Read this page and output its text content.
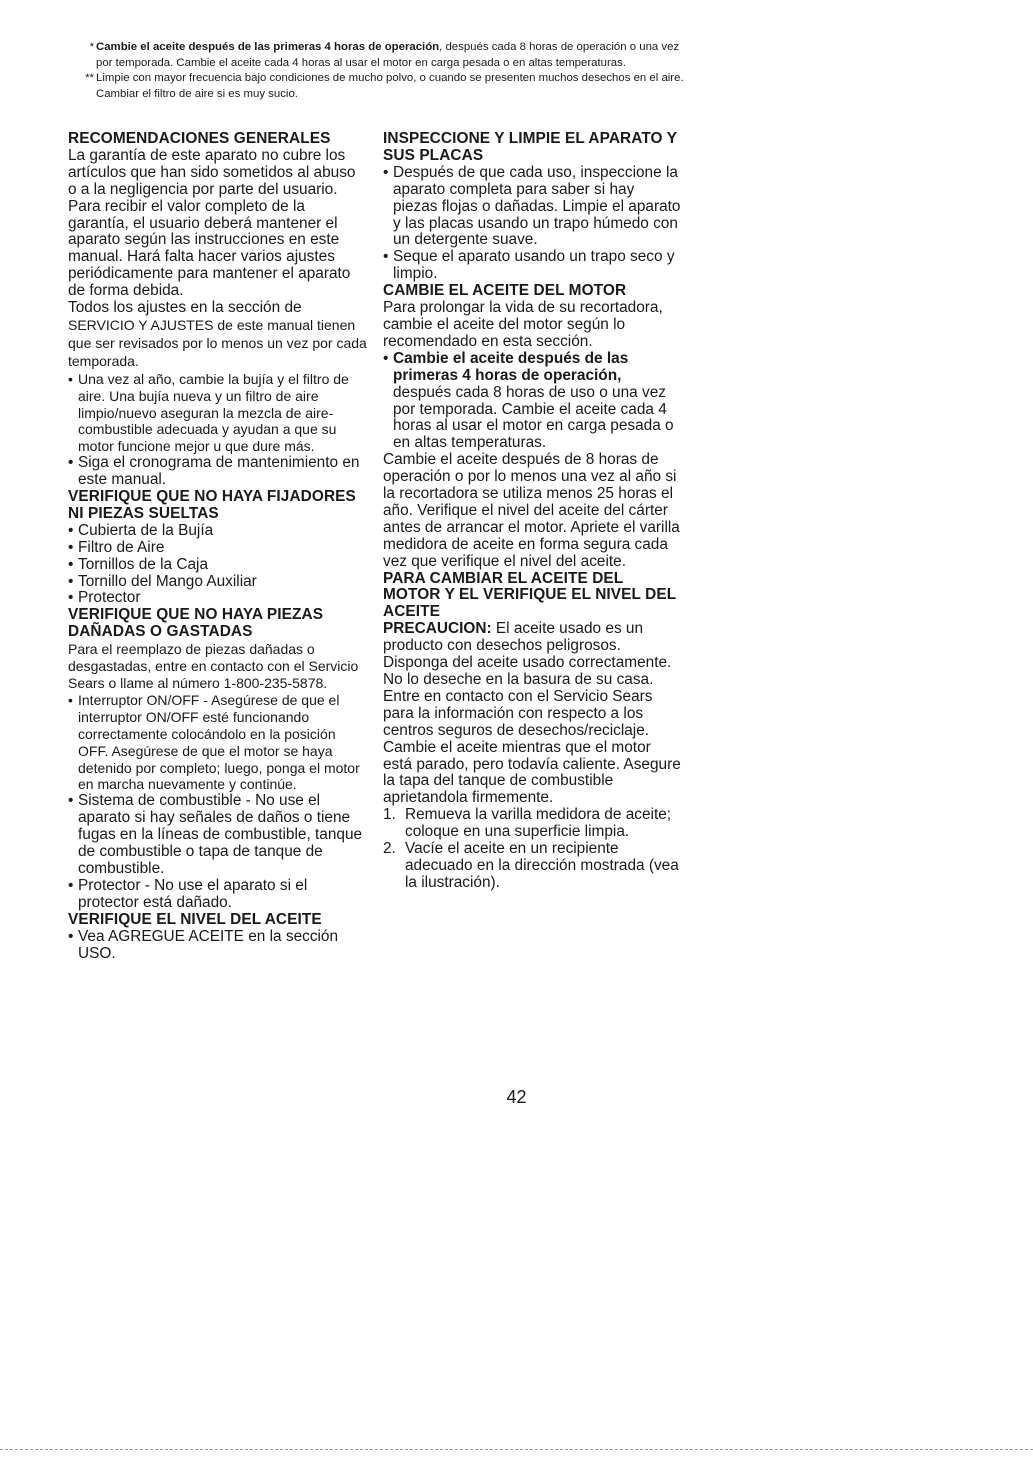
* Cambie el aceite después de las primeras 4 horas de operación, después cada 8 horas de operación o una vez por temporada. Cambie el aceite cada 4 horas al usar el motor en carga pesada o en altas temperaturas.
** Limpie con mayor frecuencia bajo condiciones de mucho polvo, o cuando se presenten muchos desechos en el aire. Cambiar el filtro de aire si es muy sucio.
RECOMENDACIONES GENERALES
La garantía de este aparato no cubre los artículos que han sido sometidos al abuso o a la negligencia por parte del usuario. Para recibir el valor completo de la garantía, el usuario deberá mantener el aparato según las instrucciones en este manual. Hará falta hacer varios ajustes periódicamente para mantener el aparato de forma debida.
Todos los ajustes en la sección de SERVICIO Y AJUSTES de este manual tienen que ser revisados por lo menos un vez por cada temporada.
•
Una vez al año, cambie la bujía y el filtro de aire. Una bujía nueva y un filtro de aire limpio/nuevo aseguran la mezcla de aire-combustible adecuada y ayudan a que su motor funcione mejor u que dure más.
•
Siga el cronograma de mantenimiento en este manual.
VERIFIQUE QUE NO HAYA FIJADORES NI PIEZAS SUELTAS
•
Cubierta de la Bujía
•
Filtro de Aire
•
Tornillos de la Caja
•
Tornillo del Mango Auxiliar
•
Protector
VERIFIQUE QUE NO HAYA PIEZAS DAÑADAS O GASTADAS
Para el reemplazo de piezas dañadas o desgastadas, entre en contacto con el Servicio Sears o llame al número 1-800-235-5878.
•
Interruptor ON/OFF - Asegúrese de que el interruptor ON/OFF esté funcionando correctamente colocándolo en la posición OFF. Asegúrese de que el motor se haya detenido por completo; luego, ponga el motor en marcha nuevamente y continúe.
•
Sistema de combustible - No use el aparato si hay señales de daños o tiene fugas en la líneas de combustible, tanque de combustible o tapa de tanque de combustible.
•
Protector - No use el aparato si el protector está dañado.
VERIFIQUE EL NIVEL DEL ACEITE
•
Vea AGREGUE ACEITE en la sección USO.
INSPECCIONE Y LIMPIE EL APARATO Y SUS PLACAS
•
Después de que cada uso, inspeccione la aparato completa para saber si hay piezas flojas o dañadas. Limpie el aparato y las placas usando un trapo húmedo con un detergente suave.
•
Seque el aparato usando un trapo seco y limpio.
CAMBIE EL ACEITE DEL MOTOR
Para prolongar la vida de su recortadora, cambie el aceite del motor según lo recomendado en esta sección.
•
Cambie el aceite después de las primeras 4 horas de operación, después cada 8 horas de uso o una vez por temporada. Cambie el aceite cada 4 horas al usar el motor en carga pesada o en altas temperaturas.
Cambie el aceite después de 8 horas de operación o por lo menos una vez al año si la recortadora se utiliza menos 25 horas el año. Verifique el nivel del aceite del cárter antes de arrancar el motor. Apriete el varilla medidora de aceite en forma segura cada vez que verifique el nivel del aceite.
PARA CAMBIAR EL ACEITE DEL MOTOR Y EL VERIFIQUE EL NIVEL DEL ACEITE
PRECAUCION: El aceite usado es un producto con desechos peligrosos. Disponga del aceite usado correctamente. No lo deseche en la basura de su casa. Entre en contacto con el Servicio Sears para la información con respecto a los centros seguros de desechos/reciclaje.
Cambie el aceite mientras que el motor está parado, pero todavía caliente. Asegure la tapa del tanque de combustible aprietandola firmemente.
1. Remueva la varilla medidora de aceite; coloque en una superficie limpia.
2. Vacíe el aceite en un recipiente adecuado en la dirección mostrada (vea la ilustración).
42
